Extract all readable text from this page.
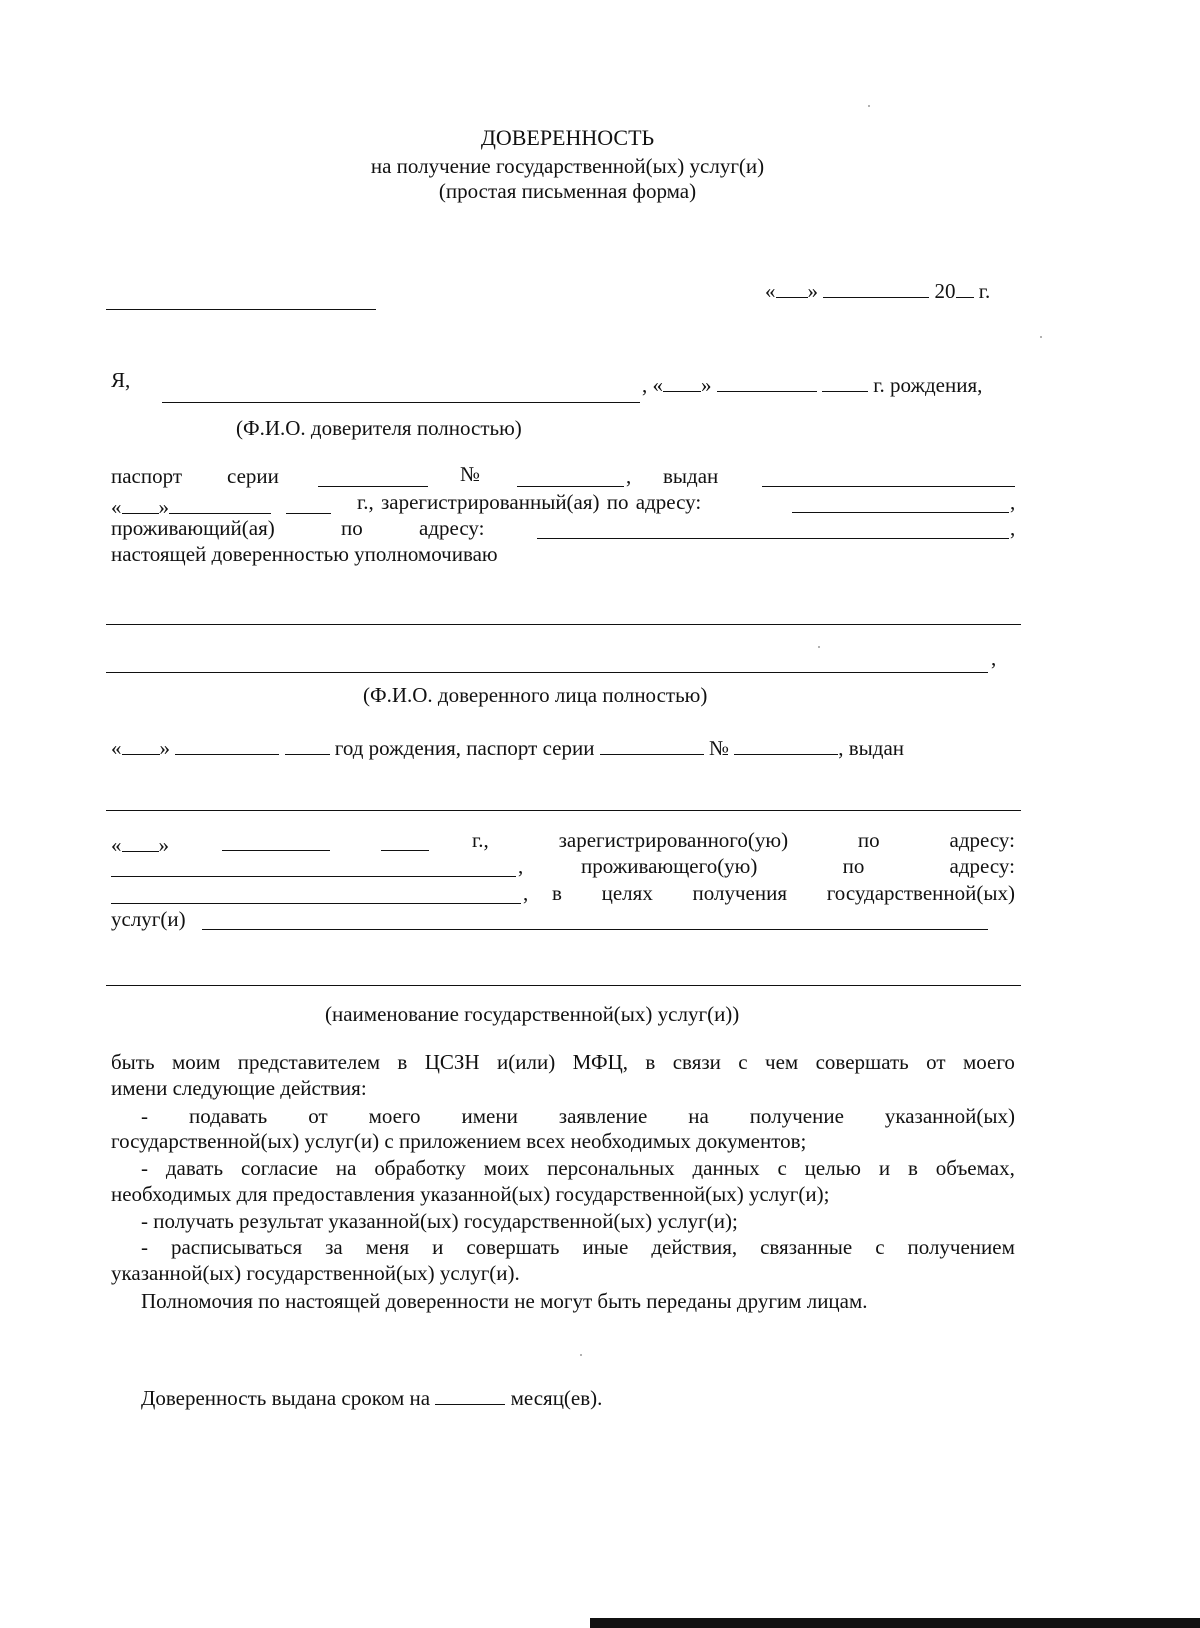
ДОВЕРЕННОСТЬ
на получение государственной(ых) услуг(и)
(простая письменная форма)
« »	20 г.
Я,	, « »	г. рождения,
(Ф.И.О. доверителя полностью)
паспорт серии	№	, выдан
« »	г., зарегистрированный(ая) по адресу:	,
проживающий(ая)	по	адресу:	,
настоящей доверенностью уполномочиваю
,
(Ф.И.О. доверенного лица полностью)
« »	год рождения, паспорт серии	№	, выдан
« »	г.,	зарегистрированного(ую)	по	адресу:
,	проживающего(ую)	по	адресу:
, в целях получения государственной(ых)
услуг(и)
(наименование государственной(ых) услуг(и))
быть моим представителем в ЦСЗН и(или) МФЦ, в связи с чем совершать от моего
имени следующие действия:
- подавать от моего имени заявление на получение указанной(ых)
государственной(ых) услуг(и) с приложением всех необходимых документов;
- давать согласие на обработку моих персональных данных с целью и в объемах,
необходимых для предоставления указанной(ых) государственной(ых) услуг(и);
- получать результат указанной(ых) государственной(ых) услуг(и);
- расписываться за меня и совершать иные действия, связанные с получением
указанной(ых) государственной(ых) услуг(и).
Полномочия по настоящей доверенности не могут быть переданы другим лицам.
Доверенность выдана сроком на	месяц(ев).
